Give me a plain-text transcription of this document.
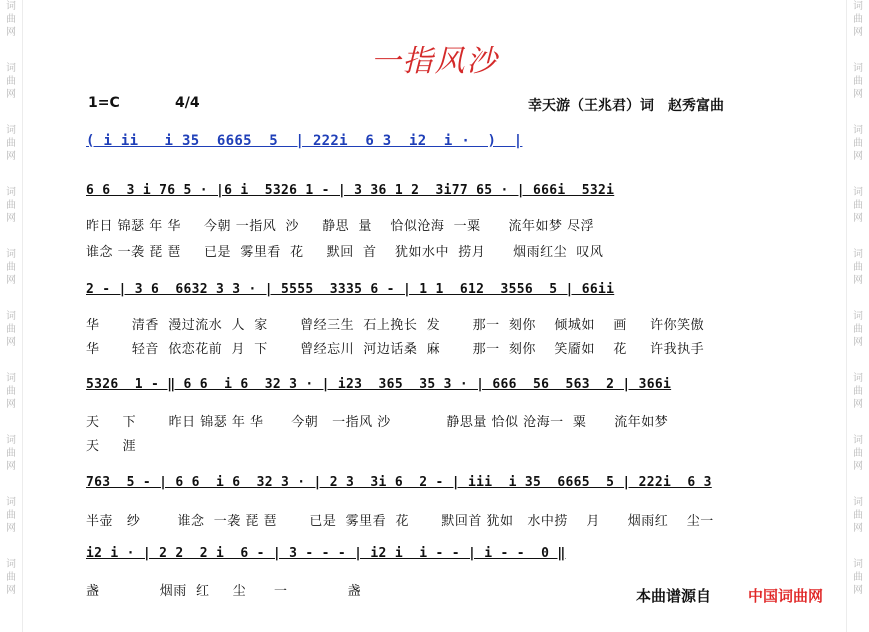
词
曲
网
词
曲
网
词
曲
网
词
曲
网
词
曲
网
词
曲
网
词
曲
网
词
曲
网
词
曲
网
词
曲
网
词
曲
网
词
曲
网
词
曲
网
词
曲
网
词
曲
网
词
曲
网
词
曲
网
词
曲
网
词
曲
网
词
曲
网
一指风沙
1=C	4/4	幸天游（王兆君）词　赵秀富曲
( i ii   i 35  6665  5  | 222i  6 3  i2  i ·  )  |
6 6  3 i 76 5 · |6 i  5326 1 - | 3 36 1 2  3i77 65 · | 666i  532i
2 - | 3 6  6632 3 3 · | 5555  3335 6 - | 1 1  612  3556  5 | 66ii
5326  1 - ‖ 6 6  i 6  32 3 · | i23  365  35 3 · | 666  56  563  2 | 366i
763  5 - | 6 6  i 6  32 3 · | 2 3  3i 6  2 - | iii  i 35  6665  5 | 222i  6 3
i2 i · | 2 2  2 i  6 - | 3 - - - | i2 i  i - - | i - -  0 ‖
昨日 锦瑟 年 华     今朝 一指风  沙     静思  量    恰似沧海  一粟      流年如梦 尽浮
谁念 一袭 琵 琶     已是  雾里看  花     默回  首    犹如水中  捞月      烟雨红尘  叹风
华       清香  漫过流水  人  家       曾经三生  石上挽长  发       那一  刻你    倾城如    画     许你笑傲
华       轻音  依恋花前  月  下       曾经忘川  河边话桑  麻       那一  刻你    笑靥如    花     许我执手
天     下       昨日 锦瑟 年 华      今朝   一指风 沙            静思量 恰似 沧海一  粟      流年如梦
天     涯
半壶   纱        谁念  一袭 琵 琶       已是  雾里看  花       默回首 犹如   水中捞    月      烟雨红    尘一
盏             烟雨  红     尘      一             盏	本曲谱源自 中国词曲网
